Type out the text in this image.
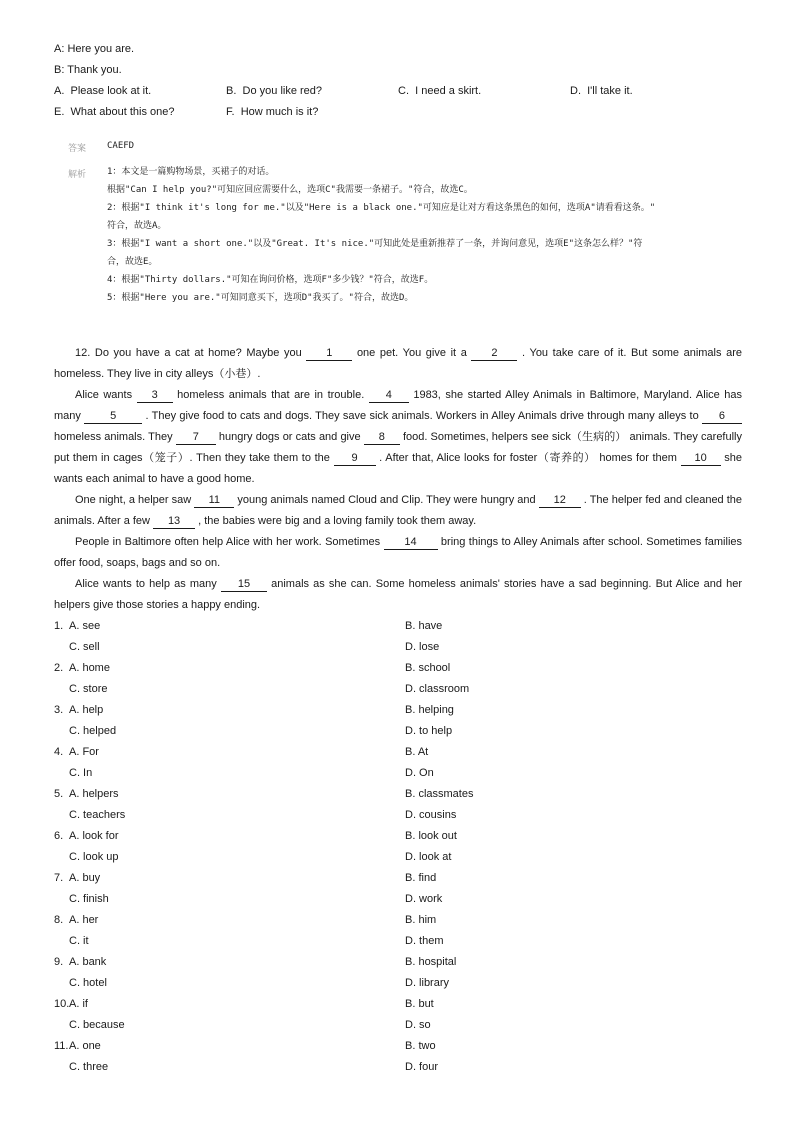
A: Here you are.
B: Thank you.
A. Please look at it.	B. Do you like red?	C. I need a skirt.	D. I'll take it.
E. What about this one?	F. How much is it?
答案 CAEFD
解析 1：本文是一篇购物场景，买裙子的对话。
根据"Can I help you?"可知应回应需要什么，选项C"我需要一条裙子。"符合，故选C。
2：根据"I think it's long for me."以及"Here is a black one."可知应是让对方看这条黑色的如何，选项A"请看看这条。"
符合，故选A。
3：根据"I want a short one."以及"Great. It's nice."可知此处是重新推荐了一条，并询问意见，选项E"这条怎么样？"符
合，故选E。
4：根据"Thirty dollars."可知在询问价格，选项F"多少钱？"符合，故选F。
5：根据"Here you are."可知同意买下，选项D"我买了。"符合，故选D。

12. Do you have a cat at home? Maybe you 1 one pet. You give it a 2 . You take care of it. But some animals are homeless. They live in city alleys（小巷）.

Alice wants 3 homeless animals that are in trouble. 4 1983, she started Alley Animals in Baltimore, Maryland. Alice has many	5	. They give food to cats and dogs. They save sick animals. Workers in Alley Animals drive through many alleys to 6 homeless animals. They 7 hungry dogs or cats and give 8 food. Sometimes, helpers see sick（生病的） animals. They carefully put them in cages（笼子）. Then they take them to the 9 . After that, Alice looks for foster（寄养的） homes for them 10 she wants each animal to have a good home.

One night, a helper saw 11 young animals named Cloud and Clip. They were hungry and 12 . The helper fed and cleaned the animals. After a few 13 , the babies were big and a loving family took them away.

People in Baltimore often help Alice with her work. Sometimes 14 bring things to Alley Animals after school. Sometimes families offer food, soaps, bags and so on.

Alice wants to help as many 15 animals as she can. Some homeless animals' stories have a sad beginning. But Alice and her helpers give those stories a happy ending.

1. A. see	B. have
C. sell	D. lose
2. A. home	B. school
C. store	D. classroom
3. A. help	B. helping
C. helped	D. to help
4. A. For	B. At
C. In	D. On
5. A. helpers	B. classmates
C. teachers	D. cousins
6. A. look for	B. look out
C. look up	D. look at
7. A. buy	B. find
C. finish	D. work
8. A. her	B. him
C. it	D. them
9. A. bank	B. hospital
C. hotel	D. library
10. A. if	B. but
C. because	D. so
11. A. one	B. two
C. three	D. four
